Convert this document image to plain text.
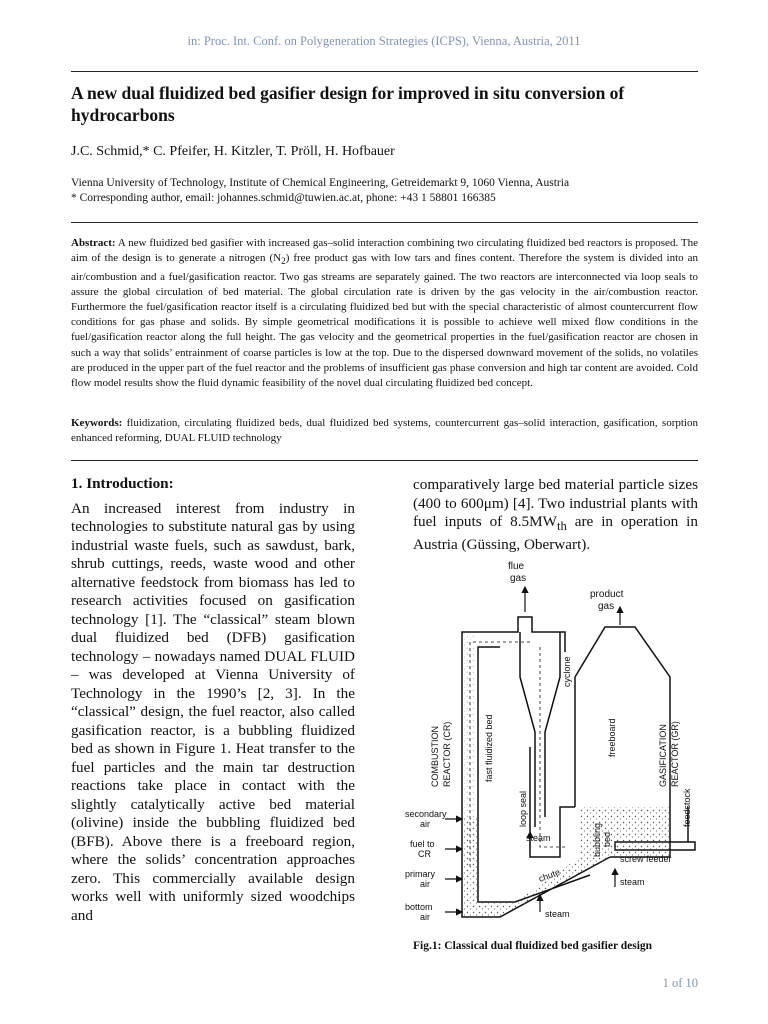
in: Proc. Int. Conf. on Polygeneration Strategies (ICPS), Vienna, Austria, 2011
A new dual fluidized bed gasifier design for improved in situ conversion of hydrocarbons
J.C. Schmid,* C. Pfeifer, H. Kitzler, T. Pröll, H. Hofbauer
Vienna University of Technology, Institute of Chemical Engineering, Getreidemarkt 9, 1060 Vienna, Austria
* Corresponding author, email: johannes.schmid@tuwien.ac.at, phone: +43 1 58801 166385
Abstract: A new fluidized bed gasifier with increased gas–solid interaction combining two circulating fluidized bed reactors is proposed. The aim of the design is to generate a nitrogen $(N_2)$ free product gas with low tars and fines content. Therefore the system is divided into an air/combustion and a fuel/gasification reactor. Two gas streams are separately gained. The two reactors are interconnected via loop seals to assure the global circulation of bed material. The global circulation rate is driven by the gas velocity in the air/combustion reactor. Furthermore the fuel/gasification reactor itself is a circulating fluidized bed but with the special characteristic of almost countercurrent flow conditions for gas phase and solids. By simple geometrical modifications it is possible to achieve well mixed flow conditions in the fuel/gasification reactor along the full height. The gas velocity and the geometrical properties in the fuel/gasification reactor are chosen in such a way that solids’ entrainment of coarse particles is low at the top. Due to the dispersed downward movement of the solids, no volatiles are produced in the upper part of the fuel reactor and the problems of insufficient gas phase conversion and high tar content are avoided. Cold flow model results show the fluid dynamic feasibility of the novel dual circulating fluidized bed concept.
Keywords: fluidization, circulating fluidized beds, dual fluidized bed systems, countercurrent gas–solid interaction, gasification, sorption enhanced reforming, DUAL FLUID technology
1. Introduction:
An increased interest from industry in technologies to substitute natural gas by using industrial waste fuels, such as sawdust, bark, shrub cuttings, reeds, waste wood and other alternative feedstock from biomass has led to research activities focused on gasification technology [1]. The “classical” steam blown dual fluidized bed (DFB) gasification technology – nowadays named DUAL FLUID – was developed at Vienna University of Technology in the 1990’s [2, 3]. In the “classical” design, the fuel reactor, also called gasification reactor, is a bubbling fluidized bed as shown in Figure 1. Heat transfer to the fuel particles and the main tar destruction reactions take place in contact with the slightly catalytically active bed material (olivine) inside the bubbling fluidized bed (BFB). Above there is a freeboard region, where the solids’ concentration approaches zero. This commercially available design works well with uniformly sized woodchips and
comparatively large bed material particle sizes (400 to 600μm) [4]. Two industrial plants with fuel inputs of $8.5MW_{th}$ are in operation in Austria (Güssing, Oberwart).
flue
gas
product
gas
cyclone
fast fluidized bed
COMBUSTION REACTOR (CR)	freeboard	GASIFICATION REACTOR (GR)
loop seal
secondary
air	feedstock
fuel to
CR
steam	bubbling bed
screw feeder
chute
primary
air	steam
bottom
air	steam
Fig.1: Classical dual fluidized bed gasifier design
1 of 10
